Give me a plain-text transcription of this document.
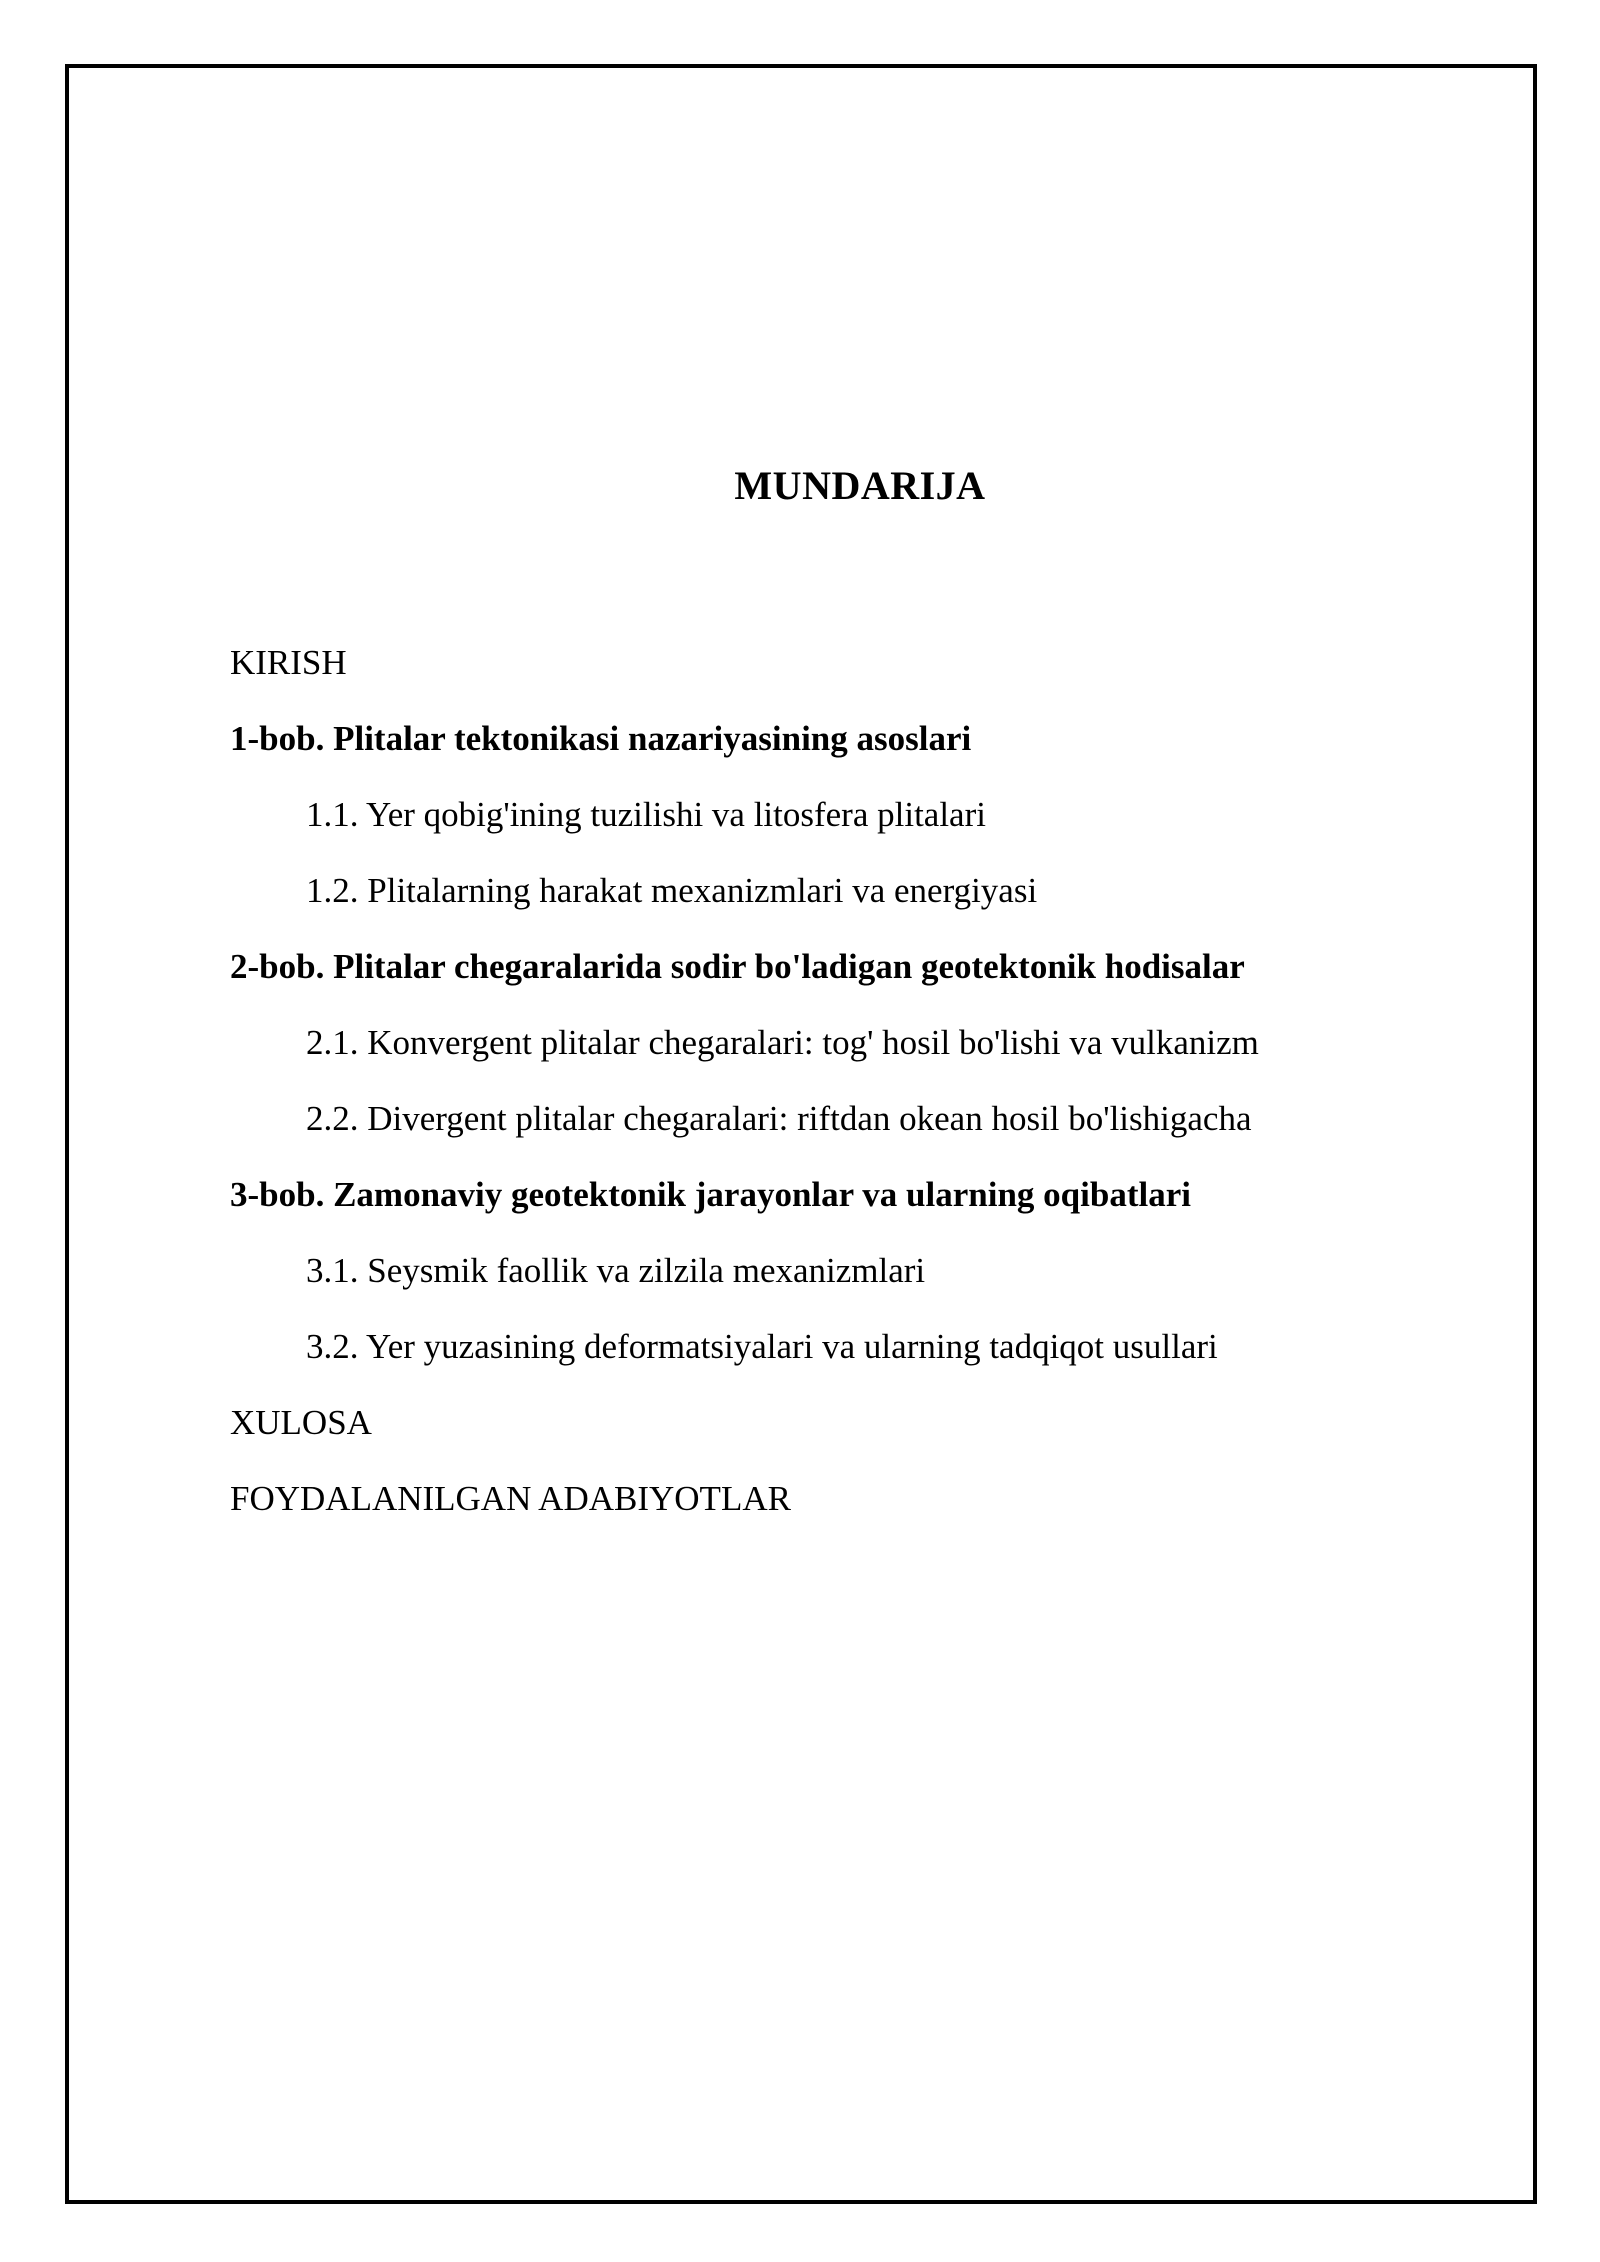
MUNDARIJA
KIRISH
1-bob. Plitalar tektonikasi nazariyasining asoslari
1.1. Yer qobig'ining tuzilishi va litosfera plitalari
1.2. Plitalarning harakat mexanizmlari va energiyasi
2-bob. Plitalar chegaralarida sodir bo'ladigan geotektonik hodisalar
2.1. Konvergent plitalar chegaralari: tog' hosil bo'lishi va vulkanizm
2.2. Divergent plitalar chegaralari: riftdan okean hosil bo'lishigacha
3-bob. Zamonaviy geotektonik jarayonlar va ularning oqibatlari
3.1. Seysmik faollik va zilzila mexanizmlari
3.2. Yer yuzasining deformatsiyalari va ularning tadqiqot usullari
XULOSA
FOYDALANILGAN ADABIYOTLAR
